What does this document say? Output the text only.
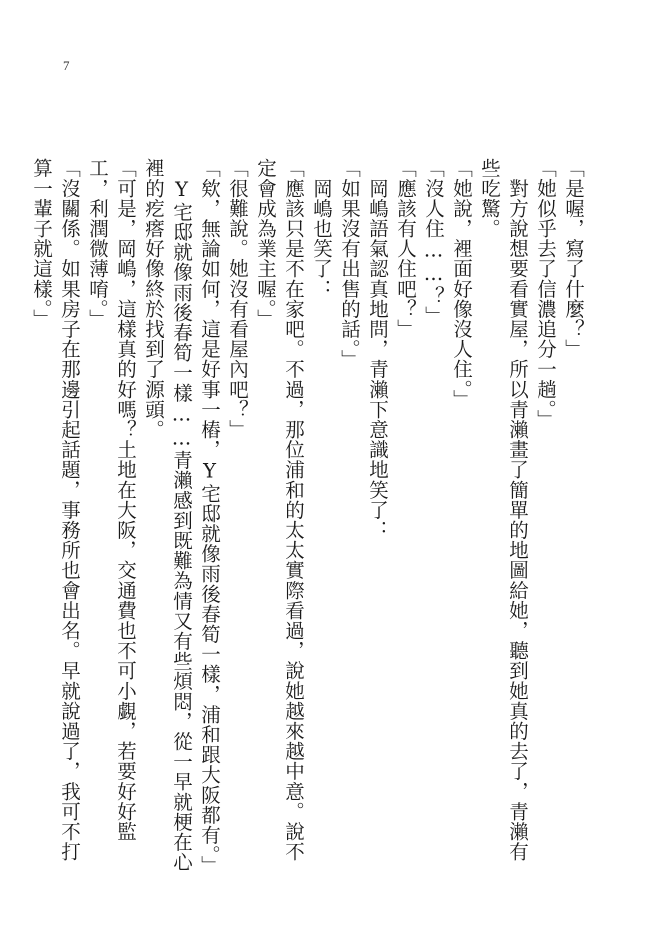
7

「是喔，寫了什麼？」

「她似乎去了信濃追分一趟。」

　對方說想要看實屋，所以青瀨畫了簡單的地圖給她，聽到她真的去了，青瀨有些吃驚。

「她說，裡面好像沒人住。」

「沒人住……？」

「應該有人住吧？」

　岡嶋語氣認真地問，青瀨下意識地笑了：

「如果沒有出售的話。」

　岡嶋也笑了：

「應該只是不在家吧。不過，那位浦和的太太實際看過，說她越來越中意。說不定會成為業主喔。」

「很難說。她沒有看屋內吧？」

「欸，無論如何，這是好事一樁，Y宅邸就像雨後春筍一樣，浦和跟大阪都有。」

　Y宅邸就像雨後春筍一樣……青瀨感到既難為情又有些煩悶，從一早就梗在心裡的疙瘩好像終於找到了源頭。

「可是，岡嶋，這樣真的好嗎？土地在大阪，交通費也不可小覷，若要好好監工，利潤微薄唷。」

「沒關係。如果房子在那邊引起話題，事務所也會出名。早就說過了，我可不打算一輩子就這樣。」
